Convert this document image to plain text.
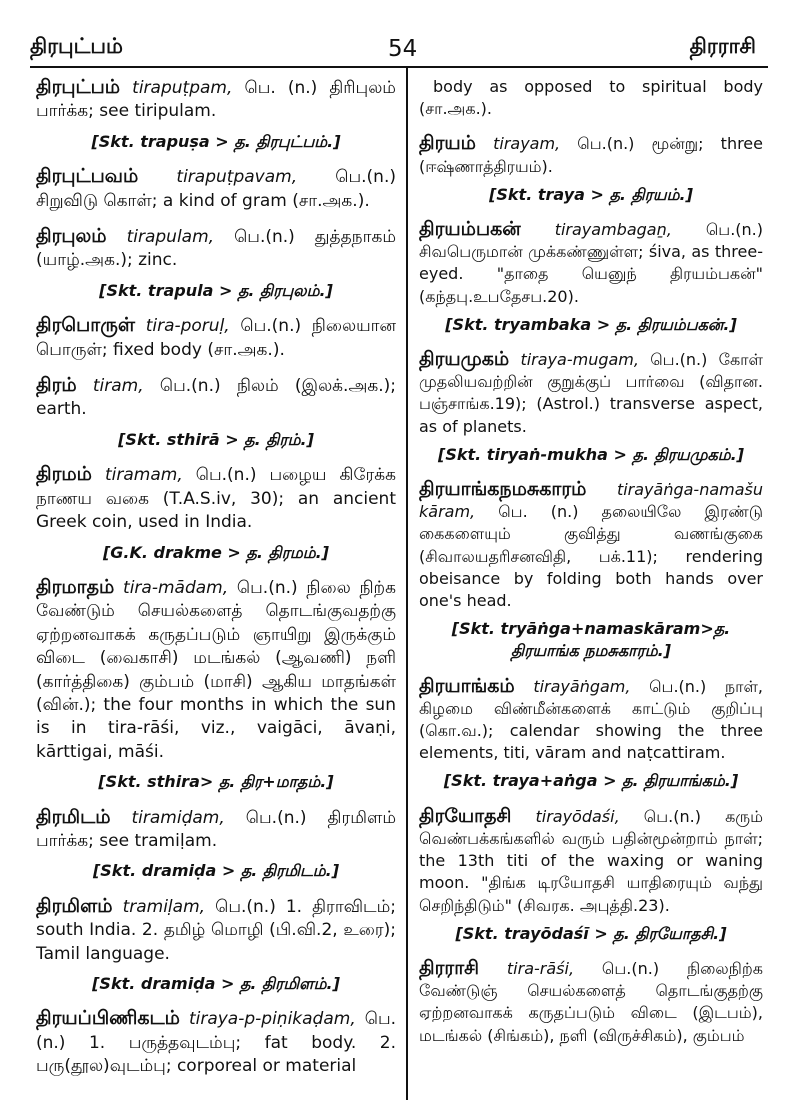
திரபுட்பம்	54	திரராசி
திரபுட்பம் tirapuṭpam, பெ. (n.) திரிபுலம் பார்க்க; see tiripulam.
[Skt. trapuṣa > த. திரபுட்பம்.]
திரபுட்பவம் tirapuṭpavam, பெ.(n.) சிறுவிடு கொள்; a kind of gram (சா.அக.).
திரபுலம் tirapulam, பெ.(n.) துத்தநாகம் (யாழ்.அக.); zinc.
[Skt. trapula > த. திரபுலம்.]
திரபொருள் tira-poruḷ, பெ.(n.) நிலையான பொருள்; fixed body (சா.அக.).
திரம் tiram, பெ.(n.) நிலம் (இலக்.அக.); earth.
[Skt. sthirā > த. திரம்.]
திரமம் tiramam, பெ.(n.) பழைய கிரேக்க நாணய வகை (T.A.S.iv, 30); an ancient Greek coin, used in India.
[G.K. drakme > த. திரமம்.]
திரமாதம் tira-mādam, பெ.(n.) நிலை நிற்க வேண்டும் செயல்களைத் தொடங்குவதற்கு ஏற்றனவாகக் கருதப்படும் ஞாயிறு இருக்கும் விடை (வைகாசி) மடங்கல் (ஆவணி) நளி (கார்த்திகை) கும்பம் (மாசி) ஆகிய மாதங்கள் (வின்.); the four months in which the sun is in tira-rāśi, viz., vaigāci, āvaṇi, kārttigai, māśi.
[Skt. sthira> த. திர+மாதம்.]
திரமிடம் tiramiḍam, பெ.(n.) திரமிளம் பார்க்க; see tramiḷam.
[Skt. dramiḍa > த. திரமிடம்.]
திரமிளம் tramiḷam, பெ.(n.) 1. திராவிடம்; south India. 2. தமிழ் மொழி (பி.வி.2, உரை); Tamil language.
[Skt. dramiḍa > த. திரமிளம்.]
திரயப்பிணிகடம் tiraya-p-piṇikaḍam, பெ.(n.) 1. பருத்தவுடம்பு; fat body. 2. பரு(தூல)வுடம்பு; corporeal or material
body as opposed to spiritual body (சா.அக.).
திரயம் tirayam, பெ.(n.) மூன்று; three (ஈஷ்ணாத்திரயம்).
[Skt. traya > த. திரயம்.]
திரயம்பகன் tirayambagaṉ, பெ.(n.) சிவபெருமான் முக்கண்ணுள்ள; śiva, as three-eyed. "தாதை யெனுந் திரயம்பகன்" (கந்தபு.உபதேசப.20).
[Skt. tryambaka > த. திரயம்பகன்.]
திரயமுகம் tiraya-mugam, பெ.(n.) கோள் முதலியவற்றின் குறுக்குப் பார்வை (விதான. பஞ்சாங்க.19); (Astrol.) transverse aspect, as of planets.
[Skt. tiryaṅ-mukha > த. திரயமுகம்.]
திரயாங்கநமசுகாரம் tirayāṅga-namašu kāram, பெ. (n.) தலையிலே இரண்டு கைகளையும் குவித்து வணங்குகை (சிவாலயதரிசனவிதி, பக்.11); rendering obeisance by folding both hands over one's head.
[Skt. tryāṅga+namaskāram>த. திரயாங்க நமசுகாரம்.]
திரயாங்கம் tirayāṅgam, பெ.(n.) நாள், கிழமை விண்மீன்களைக் காட்டும் குறிப்பு (கொ.வ.); calendar showing the three elements, titi, vāram and naṭcattiram.
[Skt. traya+aṅga > த. திரயாங்கம்.]
திரயோதசி tirayōdaśi, பெ.(n.) கரும் வெண்பக்கங்களில் வரும் பதின்மூன்றாம் நாள்; the 13th titi of the waxing or waning moon. "திங்க டிரயோதசி யாதிரையும் வந்து செறிந்திடும்" (சிவரக. அபுத்தி.23).
[Skt. trayōdaśī > த. திரயோதசி.]
திரராசி tira-rāśi, பெ.(n.) நிலைநிற்க வேண்டுஞ் செயல்களைத் தொடங்குதற்கு ஏற்றனவாகக் கருதப்படும் விடை (இடபம்), மடங்கல் (சிங்கம்), நளி (விருச்சிகம்), கும்பம்
